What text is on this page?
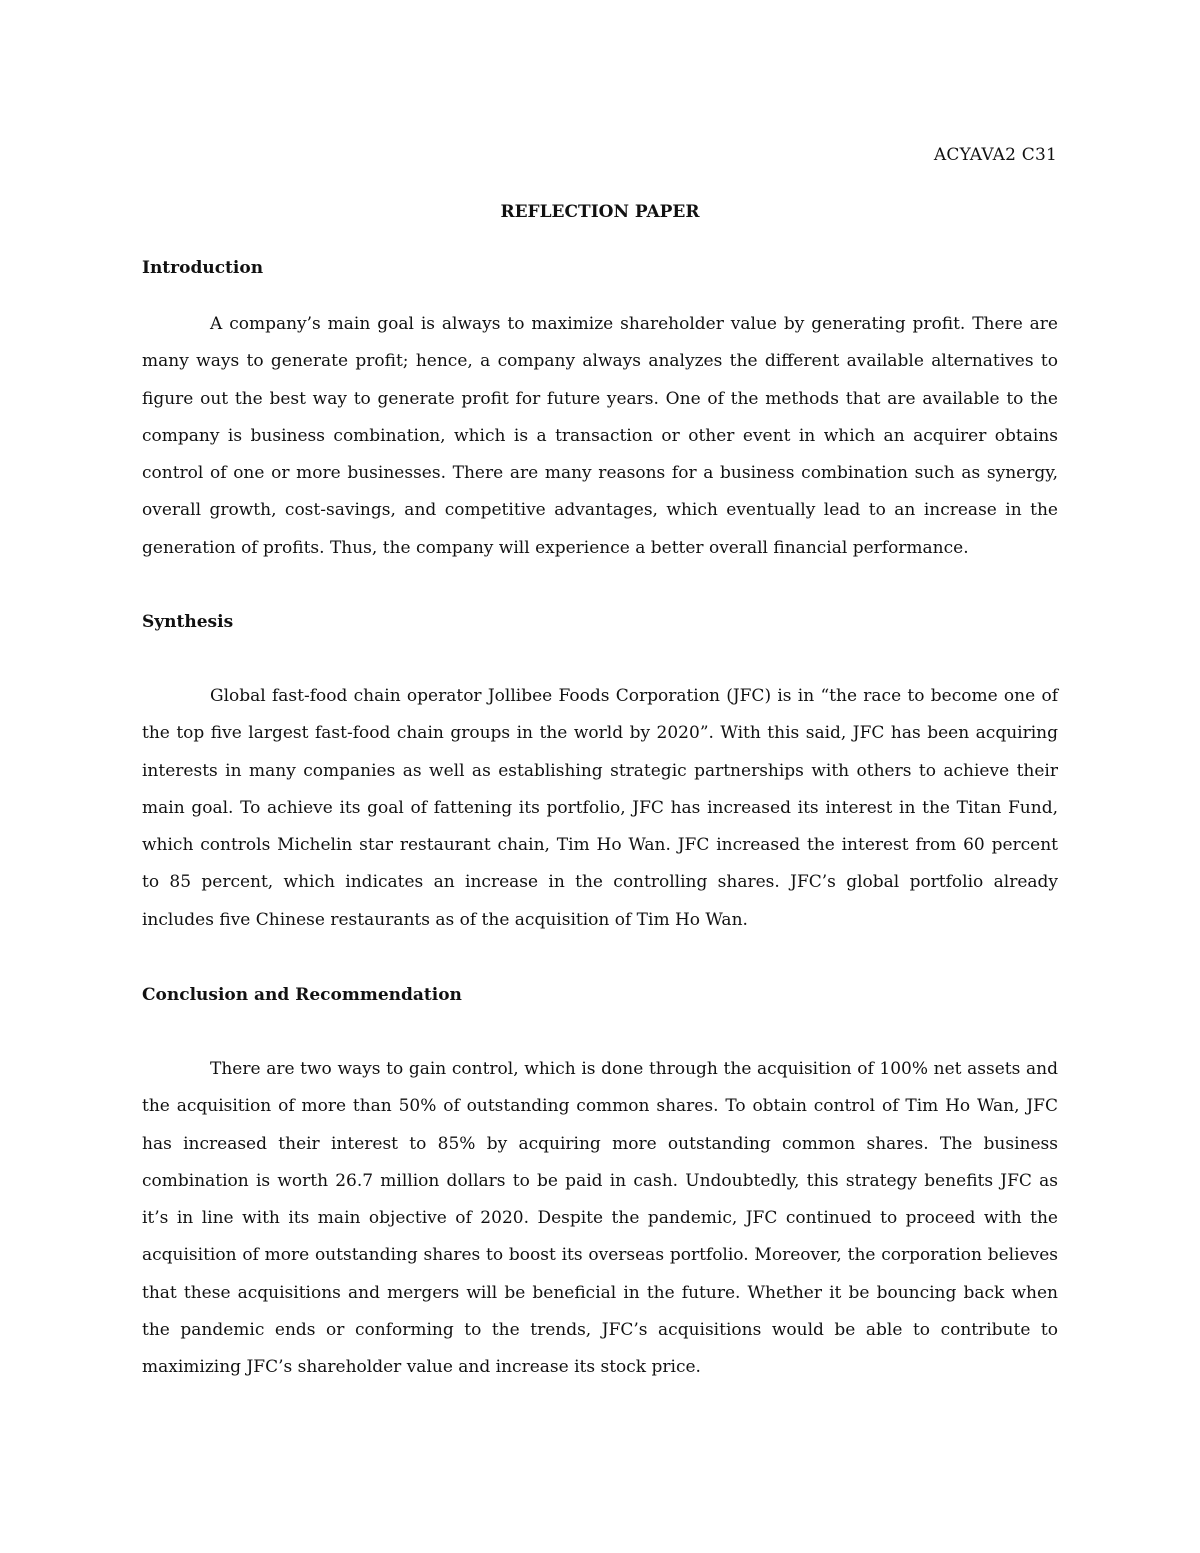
ACYAVA2 C31
REFLECTION PAPER
Introduction

A company’s main goal is always to maximize shareholder value by generating profit. There are many ways to generate profit; hence, a company always analyzes the different available alternatives to figure out the best way to generate profit for future years. One of the methods that are available to the company is business combination, which is a transaction or other event in which an acquirer obtains control of one or more businesses. There are many reasons for a business combination such as synergy, overall growth, cost-savings, and competitive advantages, which eventually lead to an increase in the generation of profits. Thus, the company will experience a better overall financial performance.

Synthesis

Global fast-food chain operator Jollibee Foods Corporation (JFC) is in “the race to become one of the top five largest fast-food chain groups in the world by 2020”. With this said, JFC has been acquiring interests in many companies as well as establishing strategic partnerships with others to achieve their main goal. To achieve its goal of fattening its portfolio, JFC has increased its interest in the Titan Fund, which controls Michelin star restaurant chain, Tim Ho Wan. JFC increased the interest from 60 percent to 85 percent, which indicates an increase in the controlling shares. JFC’s global portfolio already includes five Chinese restaurants as of the acquisition of Tim Ho Wan.

Conclusion and Recommendation

There are two ways to gain control, which is done through the acquisition of 100% net assets and the acquisition of more than 50% of outstanding common shares. To obtain control of Tim Ho Wan, JFC has increased their interest to 85% by acquiring more outstanding common shares. The business combination is worth 26.7 million dollars to be paid in cash. Undoubtedly, this strategy benefits JFC as it’s in line with its main objective of 2020. Despite the pandemic, JFC continued to proceed with the acquisition of more outstanding shares to boost its overseas portfolio. Moreover, the corporation believes that these acquisitions and mergers will be beneficial in the future. Whether it be bouncing back when the pandemic ends or conforming to the trends, JFC’s acquisitions would be able to contribute to maximizing JFC’s shareholder value and increase its stock price.
